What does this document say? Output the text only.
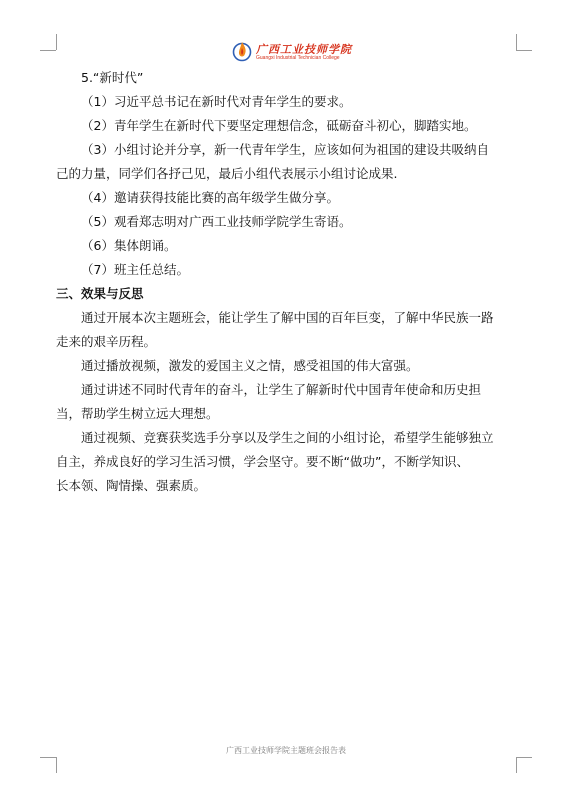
广西工业技师学院
Guangxi Industrial Technician College

5.“新时代”

（1）习近平总书记在新时代对青年学生的要求。

（2）青年学生在新时代下要坚定理想信念，砥砺奋斗初心，脚踏实地。

（3）小组讨论并分享，新一代青年学生，应该如何为祖国的建设共吸纳自

己的力量，同学们各抒己见，最后小组代表展示小组讨论成果.

（4）邀请获得技能比赛的高年级学生做分享。

（5）观看郑志明对广西工业技师学院学生寄语。

（6）集体朗诵。

（7）班主任总结。

三、效果与反思

通过开展本次主题班会，能让学生了解中国的百年巨变，了解中华民族一路

走来的艰辛历程。

通过播放视频，激发的爱国主义之情，感受祖国的伟大富强。

通过讲述不同时代青年的奋斗，让学生了解新时代中国青年使命和历史担

当，帮助学生树立远大理想。

通过视频、竞赛获奖选手分享以及学生之间的小组讨论，希望学生能够独立

自主，养成良好的学习生活习惯，学会坚守。要不断“做功”，不断学知识、

长本领、陶情操、强素质。

广西工业技师学院主题班会报告表
